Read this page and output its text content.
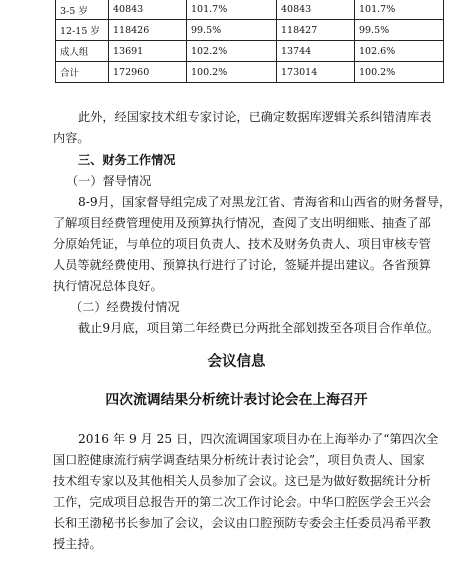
3-5 岁	40843	101.7%	40843	101.7%
12-15 岁	118426	99.5%	118427	99.5%
成人组	13691	102.2%	13744	102.6%
合计	172960	100.2%	173014	100.2%
此外，经国家技术组专家讨论，已确定数据库逻辑关系纠错清库表
内容。
三、财务工作情况
（一）督导情况
8-9月，国家督导组完成了对黑龙江省、青海省和山西省的财务督导，
了解项目经费管理使用及预算执行情况，查阅了支出明细账、抽查了部
分原始凭证，与单位的项目负责人、技术及财务负责人、项目审核专管
人员等就经费使用、预算执行进行了讨论，签疑并提出建议。各省预算
执行情况总体良好。
（二）经费拨付情况
截止9月底，项目第二年经费已分两批全部划拨至各项目合作单位。
会议信息
四次流调结果分析统计表讨论会在上海召开
2016 年 9 月 25 日，四次流调国家项目办在上海举办了“第四次全
国口腔健康流行病学调查结果分析统计表讨论会”，项目负责人、国家
技术组专家以及其他相关人员参加了会议。这已是为做好数据统计分析
工作，完成项目总报告开的第二次工作讨论会。中华口腔医学会王兴会
长和王渤秘书长参加了会议，会议由口腔预防专委会主任委员冯希平教
授主持。
